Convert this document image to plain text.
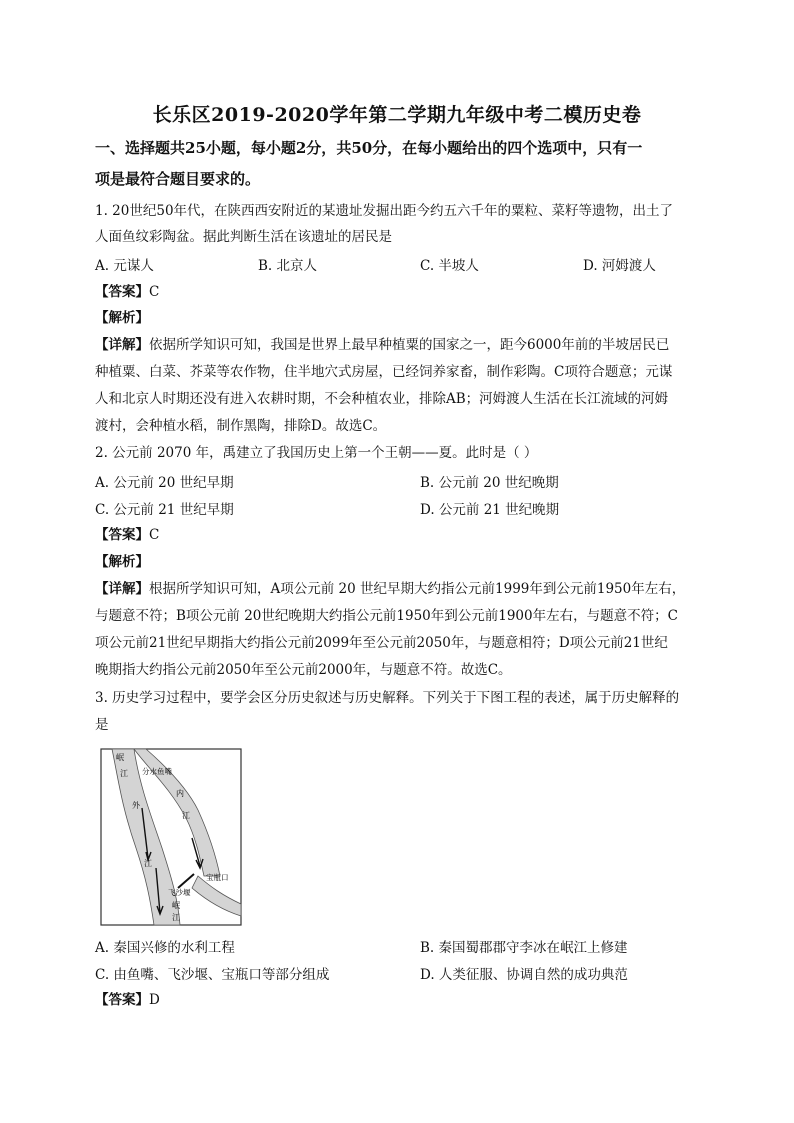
长乐区2019-2020学年第二学期九年级中考二模历史卷
一、选择题共25小题，每小题2分，共50分，在每小题给出的四个选项中，只有一
项是最符合题目要求的。
1. 20世纪50年代，在陕西西安附近的某遗址发掘出距今约五六千年的粟粒、菜籽等遗物，出土了
人面鱼纹彩陶盆。据此判断生活在该遗址的居民是
A. 元谋人	B. 北京人	C. 半坡人	D. 河姆渡人
【答案】C
【解析】
【详解】依据所学知识可知，我国是世界上最早种植粟的国家之一，距今6000年前的半坡居民已
种植粟、白菜、芥菜等农作物，住半地穴式房屋，已经饲养家畜，制作彩陶。C项符合题意；元谋
人和北京人时期还没有进入农耕时期，不会种植农业，排除AB；河姆渡人生活在长江流域的河姆
渡村，会种植水稻，制作黑陶，排除D。故选C。
2. 公元前 2070 年，禹建立了我国历史上第一个王朝——夏。此时是（ ）
A. 公元前 20 世纪早期	B. 公元前 20 世纪晚期
C. 公元前 21 世纪早期	D. 公元前 21 世纪晚期
【答案】C
【解析】
【详解】根据所学知识可知，A项公元前 20 世纪早期大约指公元前1999年到公元前1950年左右，
与题意不符；B项公元前 20世纪晚期大约指公元前1950年到公元前1900年左右，与题意不符；C
项公元前21世纪早期指大约指公元前2099年至公元前2050年，与题意相符；D项公元前21世纪
晚期指大约指公元前2050年至公元前2000年，与题意不符。故选C。
3. 历史学习过程中，要学会区分历史叙述与历史解释。下列关于下图工程的表述，属于历史解释的
是
岷
江 分水鱼嘴
内
江
外
江
宝瓶口
飞沙堰
岷
江
A. 秦国兴修的水利工程	B. 秦国蜀郡郡守李冰在岷江上修建
C. 由鱼嘴、飞沙堰、宝瓶口等部分组成	D. 人类征服、协调自然的成功典范
【答案】D
